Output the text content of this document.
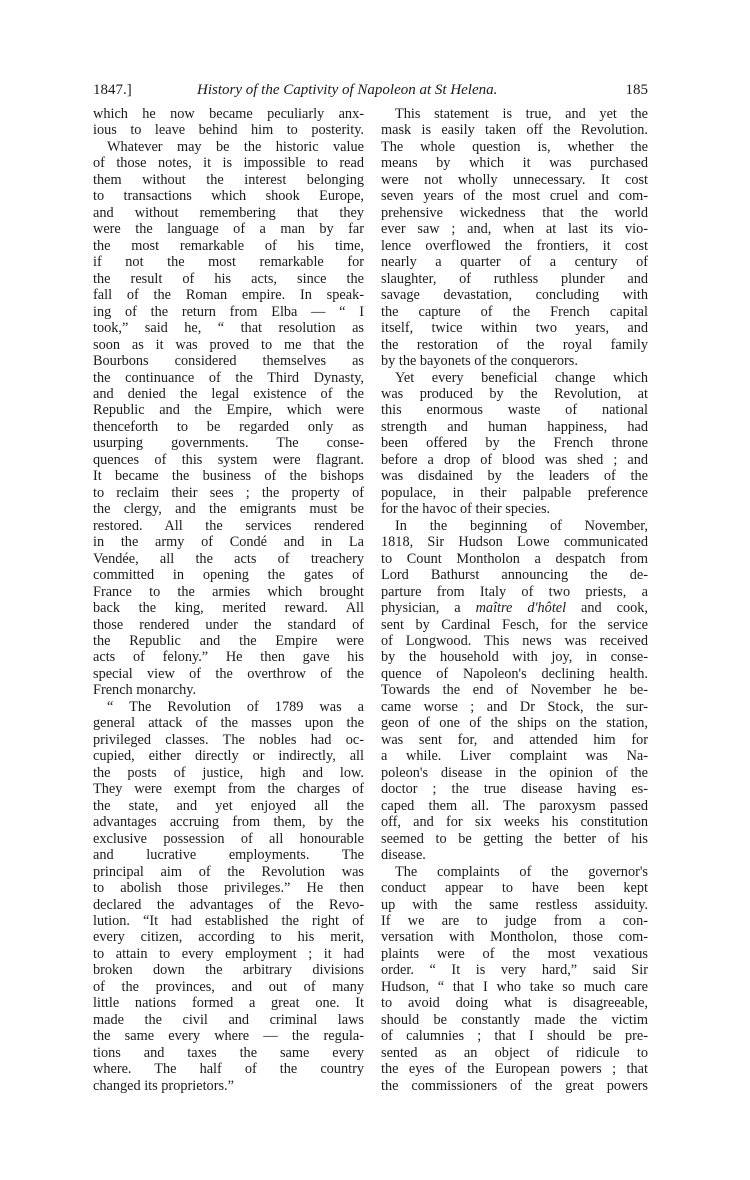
1847.]	History of the Captivity of Napoleon at St Helena.	185
which he now became peculiarly anx-
ious to leave behind him to posterity.
Whatever may be the historic value
of those notes, it is impossible to read
them without the interest belonging
to transactions which shook Europe,
and without remembering that they
were the language of a man by far
the most remarkable of his time,
if not the most remarkable for
the result of his acts, since the
fall of the Roman empire. In speak-
ing of the return from Elba — “ I
took,” said he, “ that resolution as
soon as it was proved to me that the
Bourbons considered themselves as
the continuance of the Third Dynasty,
and denied the legal existence of the
Republic and the Empire, which were
thenceforth to be regarded only as
usurping governments. The conse-
quences of this system were flagrant.
It became the business of the bishops
to reclaim their sees ; the property of
the clergy, and the emigrants must be
restored. All the services rendered
in the army of Condé and in La
Vendée, all the acts of treachery
committed in opening the gates of
France to the armies which brought
back the king, merited reward. All
those rendered under the standard of
the Republic and the Empire were
acts of felony.” He then gave his
special view of the overthrow of the
French monarchy.
“ The Revolution of 1789 was a
general attack of the masses upon the
privileged classes. The nobles had oc-
cupied, either directly or indirectly, all
the posts of justice, high and low.
They were exempt from the charges of
the state, and yet enjoyed all the
advantages accruing from them, by the
exclusive possession of all honourable
and lucrative employments. The
principal aim of the Revolution was
to abolish those privileges.” He then
declared the advantages of the Revo-
lution. “It had established the right of
every citizen, according to his merit,
to attain to every employment ; it had
broken down the arbitrary divisions
of the provinces, and out of many
little nations formed a great one. It
made the civil and criminal laws
the same every where — the regula-
tions and taxes the same every
where. The half of the country
changed its proprietors.”
This statement is true, and yet the
mask is easily taken off the Revolution.
The whole question is, whether the
means by which it was purchased
were not wholly unnecessary. It cost
seven years of the most cruel and com-
prehensive wickedness that the world
ever saw ; and, when at last its vio-
lence overflowed the frontiers, it cost
nearly a quarter of a century of
slaughter, of ruthless plunder and
savage devastation, concluding with
the capture of the French capital
itself, twice within two years, and
the restoration of the royal family
by the bayonets of the conquerors.
Yet every beneficial change which
was produced by the Revolution, at
this enormous waste of national
strength and human happiness, had
been offered by the French throne
before a drop of blood was shed ; and
was disdained by the leaders of the
populace, in their palpable preference
for the havoc of their species.
In the beginning of November,
1818, Sir Hudson Lowe communicated
to Count Montholon a despatch from
Lord Bathurst announcing the de-
parture from Italy of two priests, a
physician, a maître d'hôtel and cook,
sent by Cardinal Fesch, for the service
of Longwood. This news was received
by the household with joy, in conse-
quence of Napoleon's declining health.
Towards the end of November he be-
came worse ; and Dr Stock, the sur-
geon of one of the ships on the station,
was sent for, and attended him for
a while. Liver complaint was Na-
poleon's disease in the opinion of the
doctor ; the true disease having es-
caped them all. The paroxysm passed
off, and for six weeks his constitution
seemed to be getting the better of his
disease.
The complaints of the governor's
conduct appear to have been kept
up with the same restless assiduity.
If we are to judge from a con-
versation with Montholon, those com-
plaints were of the most vexatious
order. “ It is very hard,” said Sir
Hudson, “ that I who take so much care
to avoid doing what is disagreeable,
should be constantly made the victim
of calumnies ; that I should be pre-
sented as an object of ridicule to
the eyes of the European powers ; that
the commissioners of the great powers
